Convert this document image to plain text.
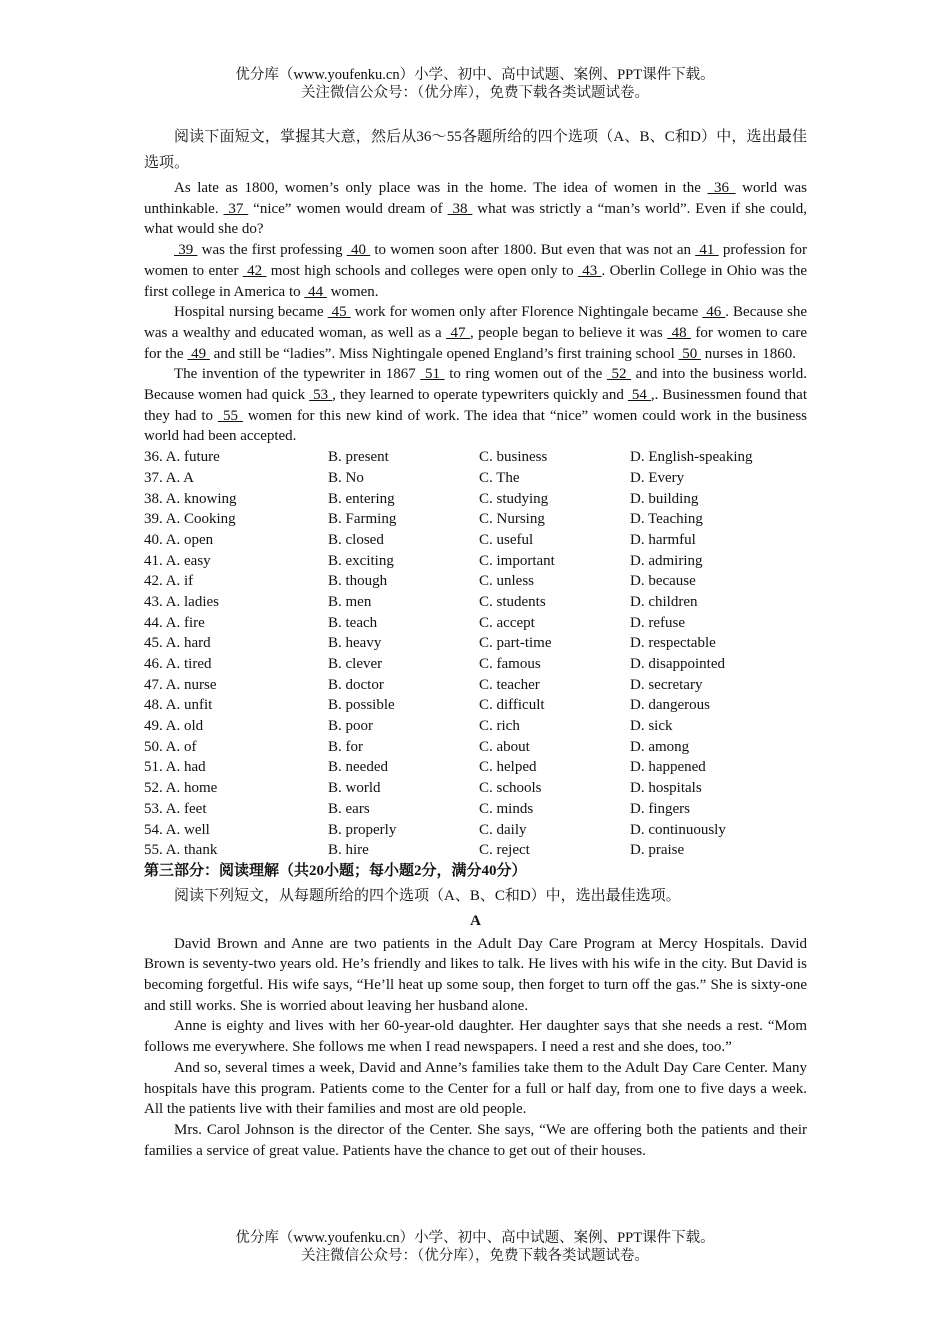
优分库（www.youfenku.cn）小学、初中、高中试题、案例、PPT课件下载。
关注微信公众号：（优分库），免费下载各类试题试卷。

阅读下面短文，掌握其大意，然后从36～55各题所给的四个选项（A、B、C和D）中，选出最佳选项。

As late as 1800, women’s only place was in the home. The idea of women in the  36  world was unthinkable.  37  “nice” women would dream of  38  what was strictly a “man’s world”. Even if she could, what would she do?

39  was the first professing  40  to women soon after 1800. But even that was not an  41  profession for women to enter  42  most high schools and colleges were open only to  43 . Oberlin College in Ohio was the first college in America to  44  women.

Hospital nursing became  45  work for women only after Florence Nightingale became  46 . Because she was a wealthy and educated woman, as well as a  47 , people began to believe it was  48  for women to care for the  49  and still be “ladies”. Miss Nightingale opened England’s first training school  50  nurses in 1860.

The invention of the typewriter in 1867  51  to ring women out of the  52  and into the business world. Because women had quick  53 , they learned to operate typewriters quickly and  54 ,. Businessmen found that they had to  55  women for this new kind of work. The idea that “nice” women could work in the business world had been accepted.

36. A. future	B. present	C. business	D. English-speaking
37. A. A	B. No	C. The	D. Every
38. A. knowing	B. entering	C. studying	D. building
39. A. Cooking	B. Farming	C. Nursing	D. Teaching
40. A. open	B. closed	C. useful	D. harmful
41. A. easy	B. exciting	C. important	D. admiring
42. A. if	B. though	C. unless	D. because
43. A. ladies	B. men	C. students	D. children
44. A. fire	B. teach	C. accept	D. refuse
45. A. hard	B. heavy	C. part-time	D. respectable
46. A. tired	B. clever	C. famous	D. disappointed
47. A. nurse	B. doctor	C. teacher	D. secretary
48. A. unfit	B. possible	C. difficult	D. dangerous
49. A. old	B. poor	C. rich	D. sick
50. A. of	B. for	C. about	D. among
51. A. had	B. needed	C. helped	D. happened
52. A. home	B. world	C. schools	D. hospitals
53. A. feet	B. ears	C. minds	D. fingers
54. A. well	B. properly	C. daily	D. continuously
55. A. thank	B. hire	C. reject	D. praise

第三部分：阅读理解（共20小题；每小题2分，满分40分）

阅读下列短文，从每题所给的四个选项（A、B、C和D）中，选出最佳选项。

A

David Brown and Anne are two patients in the Adult Day Care Program at Mercy Hospitals. David Brown is seventy-two years old. He’s friendly and likes to talk. He lives with his wife in the city. But David is becoming forgetful. His wife says, “He’ll heat up some soup, then forget to turn off the gas.” She is sixty-one and still works. She is worried about leaving her husband alone.

Anne is eighty and lives with her 60-year-old daughter. Her daughter says that she needs a rest. “Mom follows me everywhere. She follows me when I read newspapers. I need a rest and she does, too.”

And so, several times a week, David and Anne’s families take them to the Adult Day Care Center. Many hospitals have this program. Patients come to the Center for a full or half day, from one to five days a week. All the patients live with their families and most are old people.

Mrs. Carol Johnson is the director of the Center. She says, “We are offering both the patients and their families a service of great value. Patients have the chance to get out of their houses.

优分库（www.youfenku.cn）小学、初中、高中试题、案例、PPT课件下载。
关注微信公众号：（优分库），免费下载各类试题试卷。
